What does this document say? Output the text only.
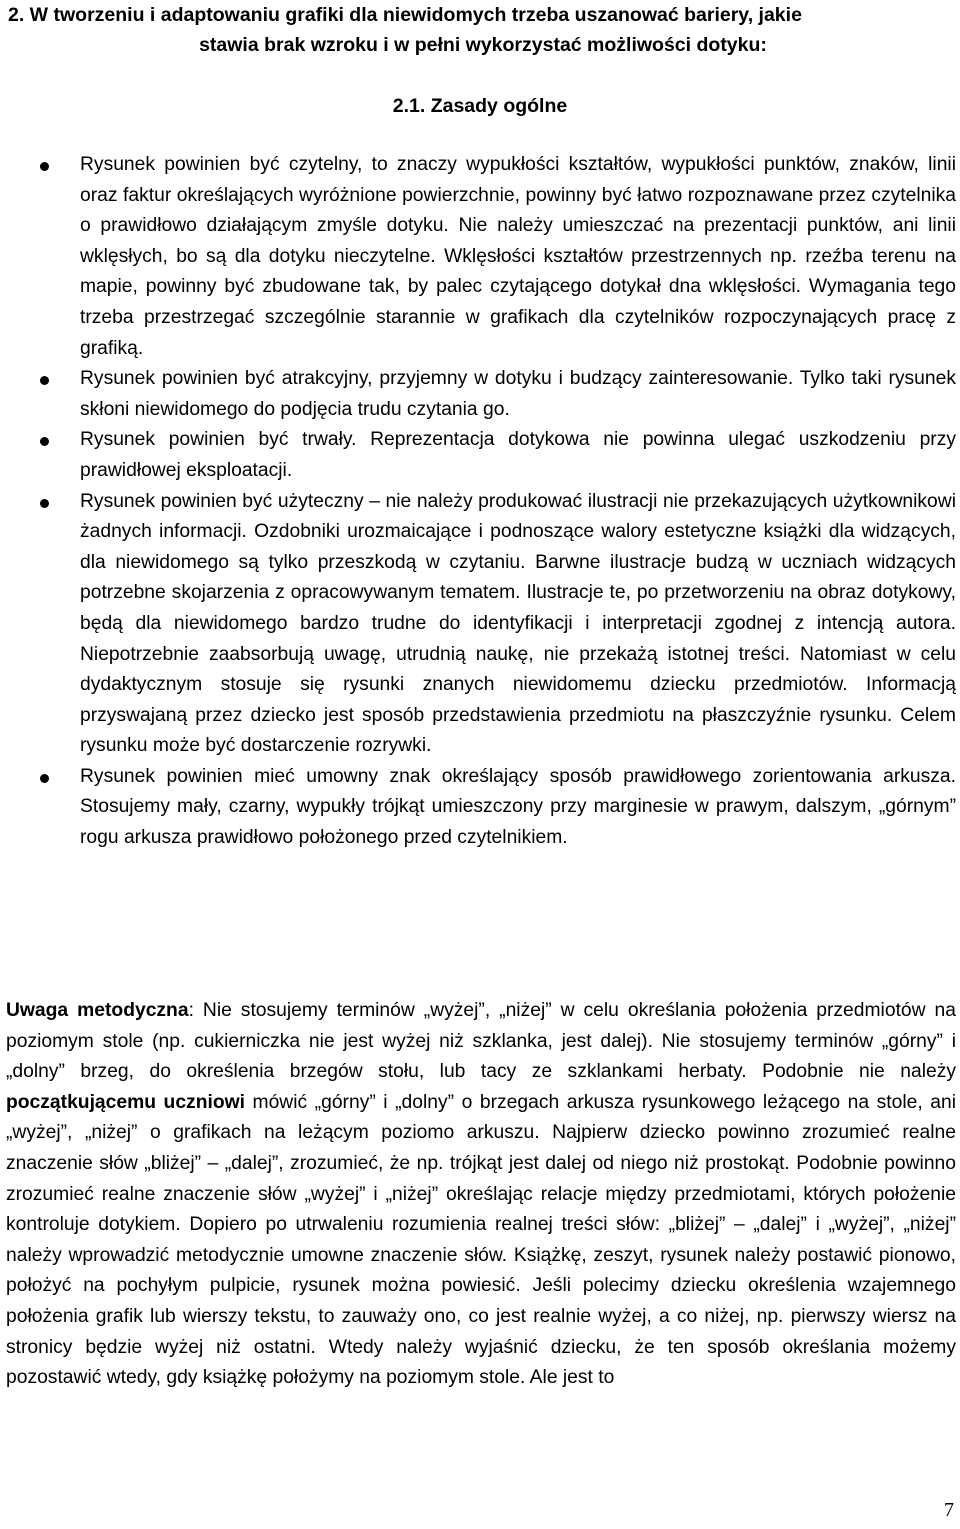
2. W tworzeniu i adaptowaniu grafiki dla niewidomych trzeba uszanować bariery, jakie
stawia brak wzroku i w pełni wykorzystać możliwości dotyku:
2.1. Zasady ogólne
Rysunek powinien być czytelny, to znaczy wypukłości kształtów, wypukłości punktów, znaków, linii oraz faktur określających wyróżnione powierzchnie, powinny być łatwo rozpoznawane przez czytelnika o prawidłowo działającym zmyśle dotyku. Nie należy umieszczać na prezentacji punktów, ani linii wklęsłych, bo są dla dotyku nieczytelne. Wklęsłości kształtów przestrzennych np. rzeźba terenu na mapie, powinny być zbudowane tak, by palec czytającego dotykał dna wklęsłości. Wymagania tego trzeba przestrzegać szczególnie starannie w grafikach dla czytelników rozpoczynających pracę z grafiką.
Rysunek powinien być atrakcyjny, przyjemny w dotyku i budzący zainteresowanie. Tylko taki rysunek skłoni niewidomego do podjęcia trudu czytania go.
Rysunek powinien być trwały. Reprezentacja dotykowa nie powinna ulegać uszkodzeniu przy prawidłowej eksploatacji.
Rysunek powinien być użyteczny – nie należy produkować ilustracji nie przekazujących użytkownikowi żadnych informacji. Ozdobniki urozmaicające i podnoszące walory estetyczne książki dla widzących, dla niewidomego są tylko przeszkodą w czytaniu. Barwne ilustracje budzą w uczniach widzących potrzebne skojarzenia z opracowywanym tematem. Ilustracje te, po przetworzeniu na obraz dotykowy, będą dla niewidomego bardzo trudne do identyfikacji i interpretacji zgodnej z intencją autora. Niepotrzebnie zaabsorbują uwagę, utrudnią naukę, nie przekażą istotnej treści. Natomiast w celu dydaktycznym stosuje się rysunki znanych niewidomemu dziecku przedmiotów. Informacją przyswajaną przez dziecko jest sposób przedstawienia przedmiotu na płaszczyźnie rysunku. Celem rysunku może być dostarczenie rozrywki.
Rysunek powinien mieć umowny znak określający sposób prawidłowego zorientowania arkusza. Stosujemy mały, czarny, wypukły trójkąt umieszczony przy marginesie w prawym, dalszym, „górnym” rogu arkusza prawidłowo położonego przed czytelnikiem.
Uwaga metodyczna: Nie stosujemy terminów „wyżej”, „niżej” w celu określania położenia przedmiotów na poziomym stole (np. cukierniczka nie jest wyżej niż szklanka, jest dalej). Nie stosujemy terminów „górny” i „dolny” brzeg, do określenia brzegów stołu, lub tacy ze szklankami herbaty. Podobnie nie należy początkującemu uczniowi mówić „górny” i „dolny” o brzegach arkusza rysunkowego leżącego na stole, ani „wyżej”, „niżej” o grafikach na leżącym poziomo arkuszu. Najpierw dziecko powinno zrozumieć realne znaczenie słów „bliżej” – „dalej”, zrozumieć, że np. trójkąt jest dalej od niego niż prostokąt. Podobnie powinno zrozumieć realne znaczenie słów „wyżej” i „niżej” określając relacje między przedmiotami, których położenie kontroluje dotykiem. Dopiero po utrwaleniu rozumienia realnej treści słów: „bliżej” – „dalej” i „wyżej”, „niżej” należy wprowadzić metodycznie umowne znaczenie słów. Książkę, zeszyt, rysunek należy postawić pionowo, położyć na pochyłym pulpicie, rysunek można powiesić. Jeśli polecimy dziecku określenia wzajemnego położenia grafik lub wierszy tekstu, to zauważy ono, co jest realnie wyżej, a co niżej, np. pierwszy wiersz na stronicy będzie wyżej niż ostatni. Wtedy należy wyjaśnić dziecku, że ten sposób określania możemy pozostawić wtedy, gdy książkę położymy na poziomym stole. Ale jest to
7
